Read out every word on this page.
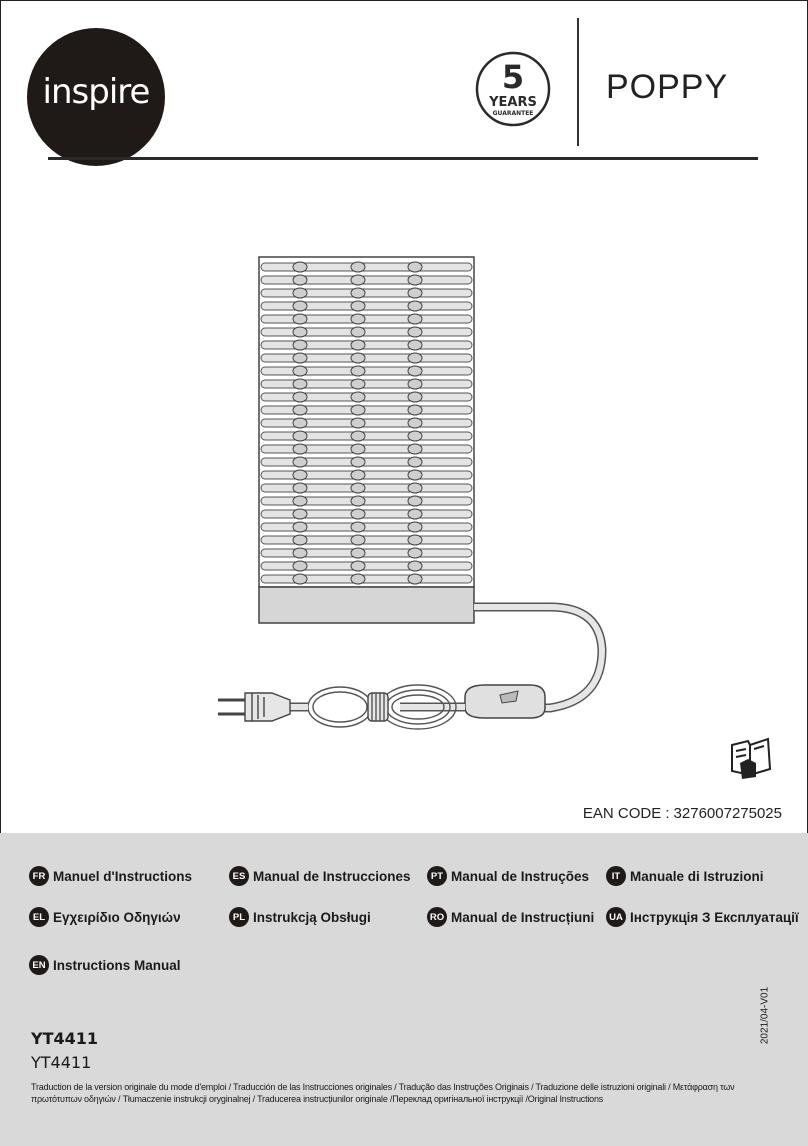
inspire	5
YEARS
GUARANTEE
POPPY
EAN CODE : 3276007275025
FR Manuel d'Instructions	ES Manual de Instrucciones	PT Manual de Instruções	IT Manuale di Istruzioni
EL Εγχειρίδιο Οδηγιών	PL Instrukcją Obsługi	RO Manual de Instrucțiuni	UA Інструкція З Експлуатації
EN Instructions Manual
2021/04-V01
YT4411
YT4411
Traduction de la version originale du mode d'emploi / Traducción de las Instrucciones originales / Tradução das Instruções Originais / Traduzione delle istruzioni originali / Μετάφραση των πρωτότυπων οδηγιών / Tłumaczenie instrukcji oryginalnej / Traducerea instrucțiunilor originale /Переклад оригінальної інструкції /Original Instructions
